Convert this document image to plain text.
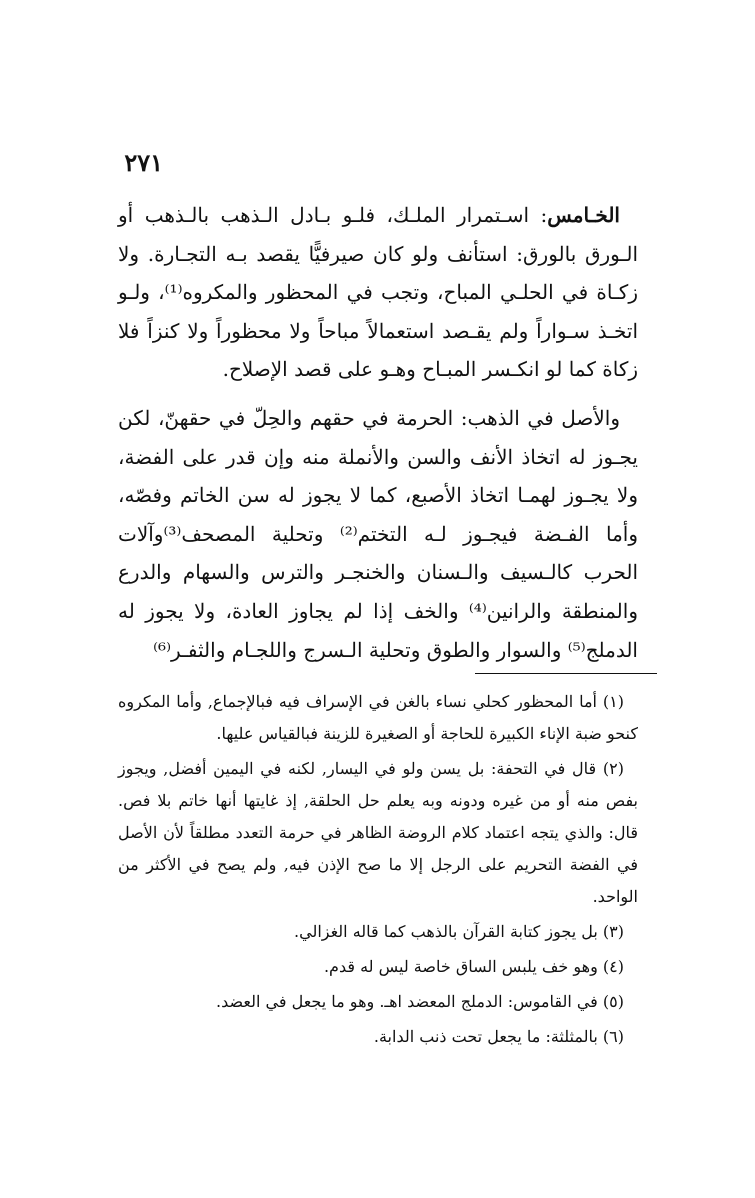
٢٧١

الخـامس: اسـتمرار الملـك، فلـو بـادل الـذهب بالـذهب أو الـورق بالورق: استأنف ولو كان صيرفيًّا يقصد بـه التجـارة. ولا زكـاة في الحلـي المباح، وتجب في المحظور والمكروه⁽¹⁾، ولـو اتخـذ سـواراً ولم يقـصد استعمالاً مباحاً ولا محظوراً ولا كنزاً فلا زكاة كما لو انكـسر المبـاح وهـو على قصد الإصلاح.

والأصل في الذهب: الحرمة في حقهم والحِلّ في حقهنّ، لكن يجـوز له اتخاذ الأنف والسن والأنملة منه وإن قدر على الفضة، ولا يجـوز لهمـا اتخاذ الأصبع، كما لا يجوز له سن الخاتم وفصّه، وأما الفـضة فيجـوز لـه التختم⁽²⁾ وتحلية المصحف⁽³⁾وآلات الحرب كالـسيف والـسنان والخنجـر والترس والسهام والدرع والمنطقة والرانين⁽⁴⁾ والخف إذا لم يجاوز العادة، ولا يجوز له الدملج⁽⁵⁾ والسوار والطوق وتحلية الـسرج واللجـام والثفـر⁽⁶⁾

(١) أما المحظور كحلي نساء بالغن في الإسراف فيه فبالإجماع, وأما المكروه كنحو ضبة الإناء الكبيرة للحاجة أو الصغيرة للزينة فبالقياس عليها.

(٢) قال في التحفة: بل يسن ولو في اليسار, لكنه في اليمين أفضل, ويجوز بفص منه أو من غيره ودونه وبه يعلم حل الحلقة, إذ غايتها أنها خاتم بلا فص. قال: والذي يتجه اعتماد كلام الروضة الظاهر في حرمة التعدد مطلقاً لأن الأصل في الفضة التحريم على الرجل إلا ما صح الإذن فيه, ولم يصح في الأكثر من الواحد.

(٣) بل يجوز كتابة القرآن بالذهب كما قاله الغزالي.

(٤) وهو خف يلبس الساق خاصة ليس له قدم.

(٥) في القاموس: الدملج المعضد اهـ. وهو ما يجعل في العضد.

(٦) بالمثلثة: ما يجعل تحت ذنب الدابة.
